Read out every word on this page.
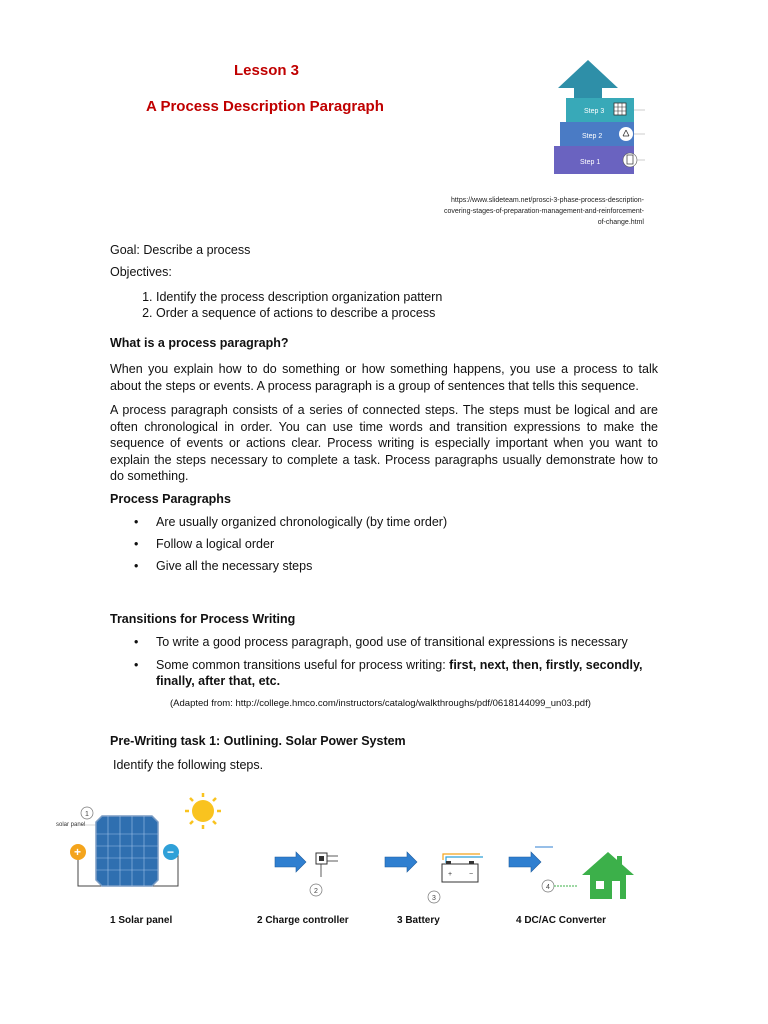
Lesson 3
A Process Description Paragraph	Step 3
Step 2
Step 1
https://www.slideteam.net/prosci-3-phase-process-description-
covering-stages-of-preparation-management-and-reinforcement-
of-change.html
Goal: Describe a process
Objectives:
1. Identify the process description organization pattern
2. Order a sequence of actions to describe a process
What is a process paragraph?
When you explain how to do something or how something happens, you use a process to talk about the steps or events. A process paragraph is a group of sentences that tells this sequence.
A process paragraph consists of a series of connected steps. The steps must be logical and are often chronological in order. You can use time words and transition expressions to make the sequence of events or actions clear. Process writing is especially important when you want to explain the steps necessary to complete a task. Process paragraphs usually demonstrate how to do something.
Process Paragraphs
• Are usually organized chronologically (by time order)
• Follow a logical order
• Give all the necessary steps
Transitions for Process Writing
• To write a good process paragraph, good use of transitional expressions is necessary
• Some common transitions useful for process writing: first, next, then, firstly, secondly, finally, after that, etc.
(Adapted from: http://college.hmco.com/instructors/catalog/walkthroughs/pdf/0618144099_un03.pdf)
Pre-Writing task 1: Outlining. Solar Power System
Identify the following steps.
1
solar panel
+	−
2
+ −
3
4
1 Solar panel	2 Charge controller	3 Battery	4 DC/AC Converter
